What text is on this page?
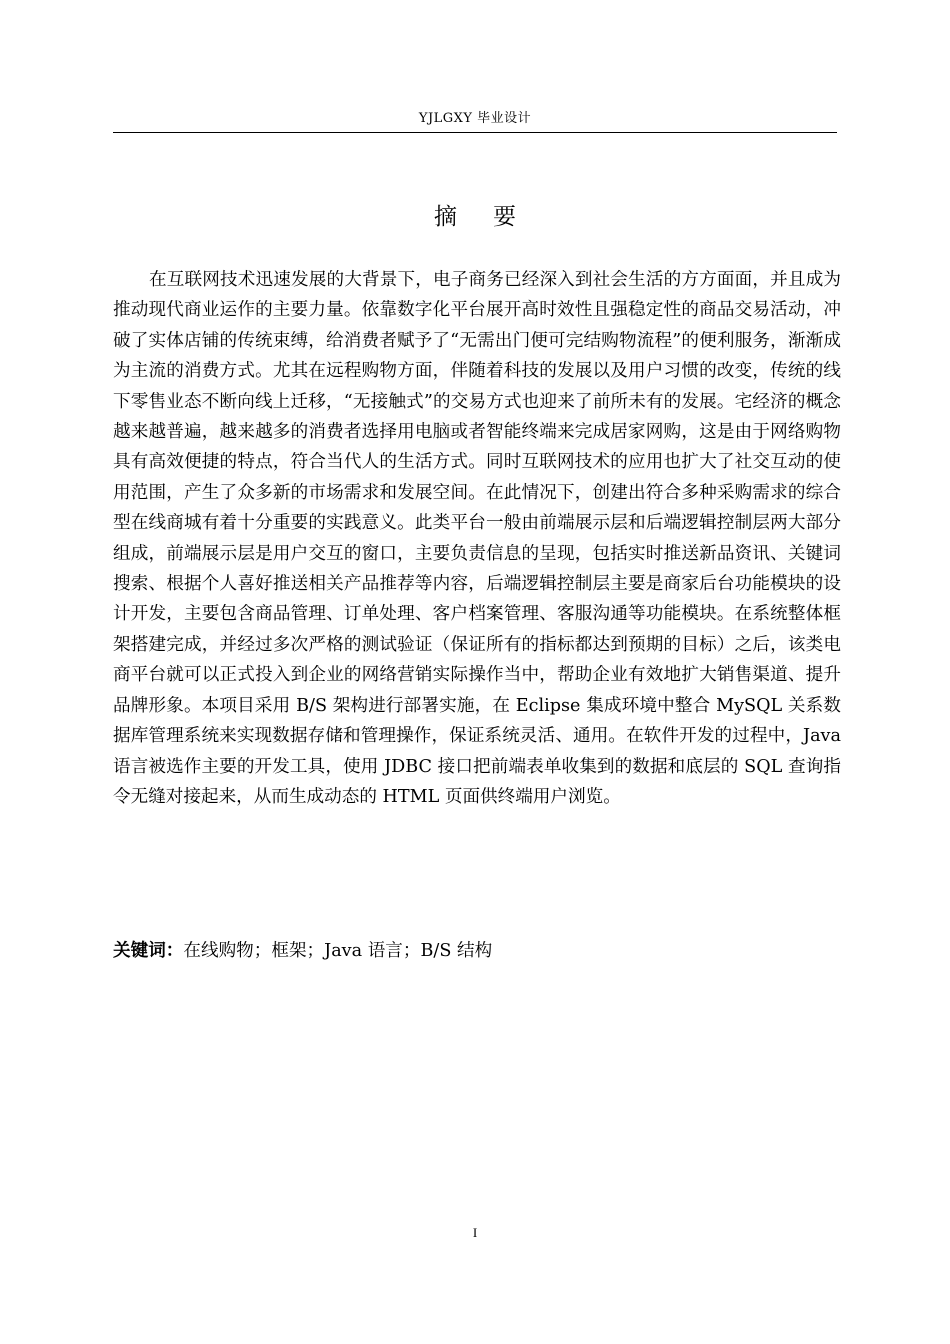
YJLGXY 毕业设计
摘要

在互联网技术迅速发展的大背景下，电子商务已经深入到社会生活的方方面面，并且成为推动现代商业运作的主要力量。依靠数字化平台展开高时效性且强稳定性的商品交易活动，冲破了实体店铺的传统束缚，给消费者赋予了“无需出门便可完结购物流程”的便利服务，渐渐成为主流的消费方式。尤其在远程购物方面，伴随着科技的发展以及用户习惯的改变，传统的线下零售业态不断向线上迁移，“无接触式”的交易方式也迎来了前所未有的发展。宅经济的概念越来越普遍，越来越多的消费者选择用电脑或者智能终端来完成居家网购，这是由于网络购物具有高效便捷的特点，符合当代人的生活方式。同时互联网技术的应用也扩大了社交互动的使用范围，产生了众多新的市场需求和发展空间。在此情况下，创建出符合多种采购需求的综合型在线商城有着十分重要的实践意义。此类平台一般由前端展示层和后端逻辑控制层两大部分组成，前端展示层是用户交互的窗口，主要负责信息的呈现，包括实时推送新品资讯、关键词搜索、根据个人喜好推送相关产品推荐等内容，后端逻辑控制层主要是商家后台功能模块的设计开发，主要包含商品管理、订单处理、客户档案管理、客服沟通等功能模块。在系统整体框架搭建完成，并经过多次严格的测试验证（保证所有的指标都达到预期的目标）之后，该类电商平台就可以正式投入到企业的网络营销实际操作当中，帮助企业有效地扩大销售渠道、提升品牌形象。本项目采用 B/S 架构进行部署实施，在 Eclipse 集成环境中整合 MySQL 关系数据库管理系统来实现数据存储和管理操作，保证系统灵活、通用。在软件开发的过程中，Java 语言被选作主要的开发工具，使用 JDBC 接口把前端表单收集到的数据和底层的 SQL 查询指令无缝对接起来，从而生成动态的 HTML 页面供终端用户浏览。

关键词：在线购物；框架；Java 语言；B/S 结构
I
